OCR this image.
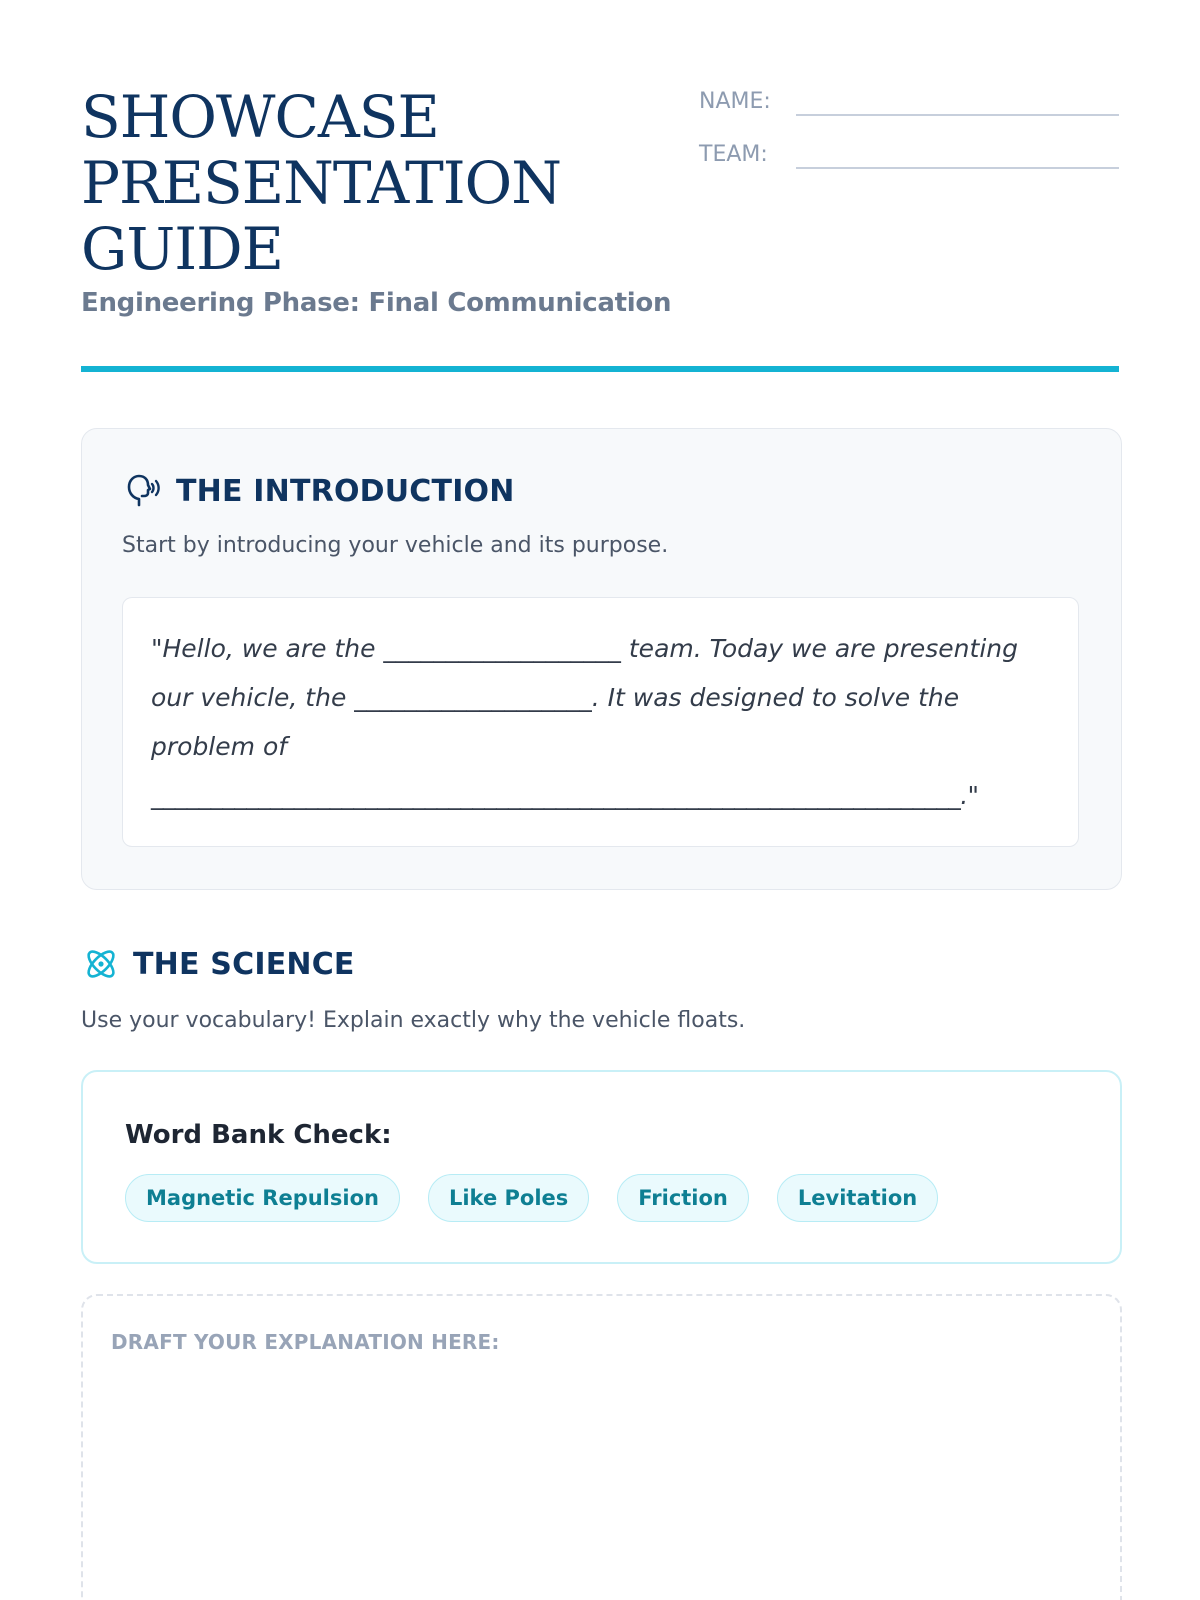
SHOWCASE
PRESENTATION
GUIDE
Engineering Phase: Final Communication
NAME:
TEAM:
THE INTRODUCTION
Start by introducing your vehicle and its purpose.
"Hello, we are the ___________________ team. Today we are presenting our vehicle, the ___________________. It was designed to solve the problem of
____________________________________________________________________."
THE SCIENCE
Use your vocabulary! Explain exactly why the vehicle floats.
Word Bank Check:
Magnetic Repulsion	Like Poles	Friction	Levitation
DRAFT YOUR EXPLANATION HERE:
